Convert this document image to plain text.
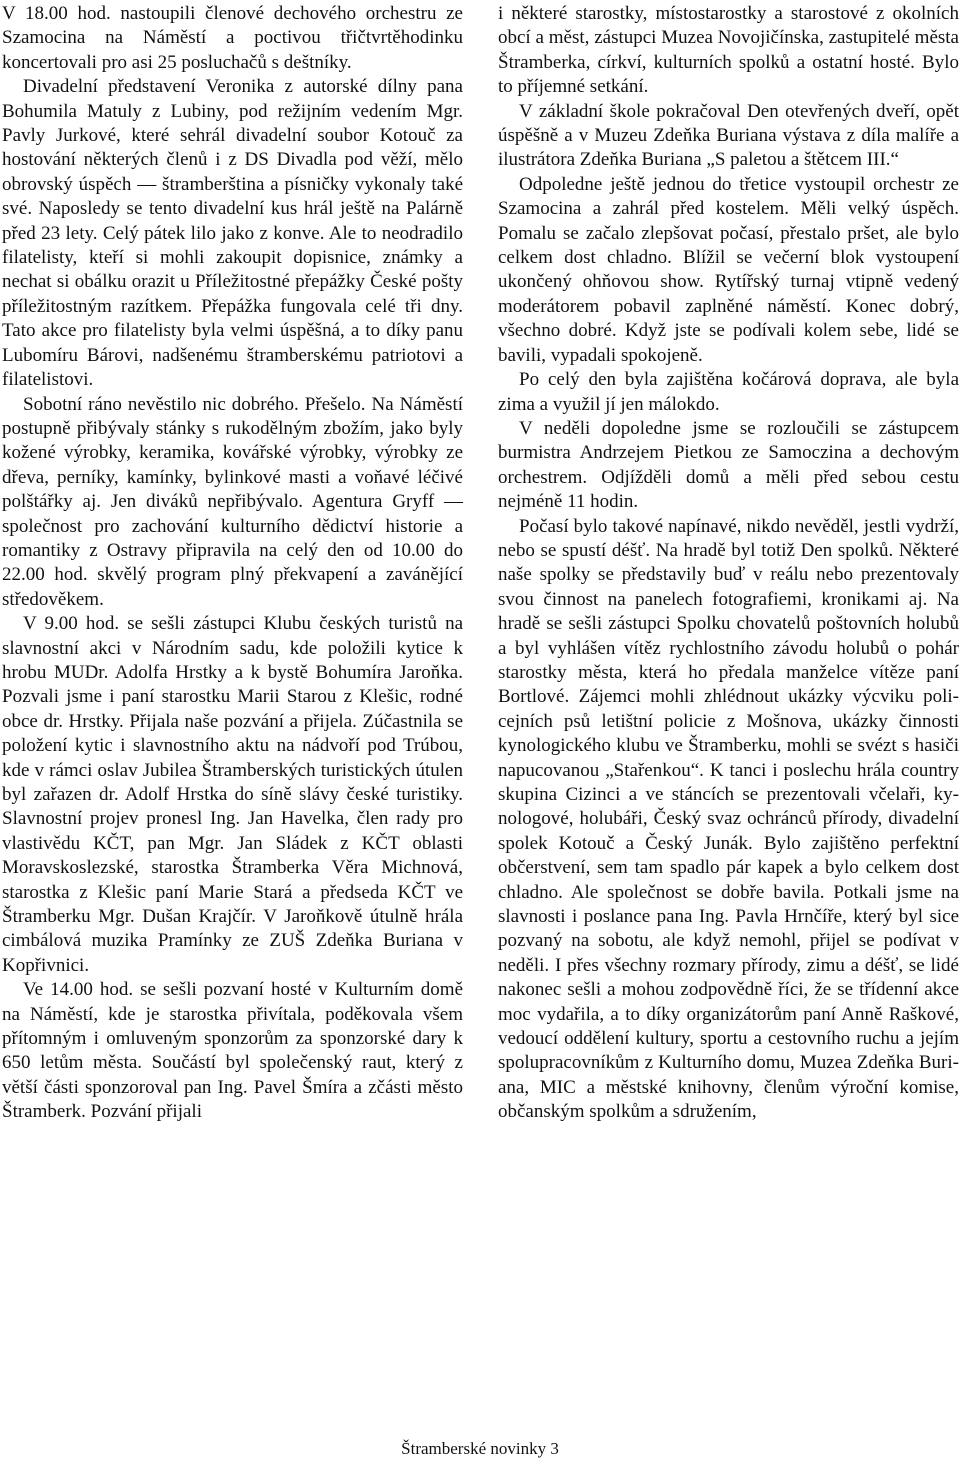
V 18.00 hod. nastoupili členové dechového orchestru ze Szamocina na Náměstí a poctivou třičtvrtěhodinku koncertovali pro asi 25 posluchačů s deštníky.

Divadelní představení Veronika z autorské dílny pana Bohumila Matuly z Lubiny, pod režijním vedením Mgr. Pavly Jurkové, které sehrál divadelní soubor Kotouč za hostování některých členů i z DS Divadla pod věží, mělo obrovský úspěch — štramberština a písničky vykonaly také své. Naposledy se tento divadelní kus hrál ještě na Palárně před 23 lety. Celý pátek lilo jako z konve. Ale to neodradilo filatelisty, kteří si mohli zakoupit dopisnice, známky a nechat si obálku orazit u Příležitostné přepážky České pošty příležitostným razítkem. Přepážka fungovala celé tři dny. Tato akce pro filatelisty byla velmi úspěšná, a to díky panu Lubomíru Bárovi, nadšenému štramberskému patriotovi a filatelistovi.

Sobotní ráno nevěstilo nic dobrého. Přešelo. Na Náměstí postupně přibývaly stánky s rukodělným zbožím, jako byly kožené výrobky, keramika, kovářské výrobky, výrobky ze dřeva, perníky, kamínky, bylinkové masti a voňavé léčivé polštářky aj. Jen diváků nepřibývalo. Agentura Gryff — společnost pro zachování kulturního dědictví historie a romantiky z Ostravy připravila na celý den od 10.00 do 22.00 hod. skvělý program plný překvapení a zavánějící středověkem.

V 9.00 hod. se sešli zástupci Klubu českých turistů na slavnostní akci v Národním sadu, kde položili kytice k hrobu MUDr. Adolfa Hrstky a k bystě Bohumíra Jaroňka. Pozvali jsme i paní starostku Marii Starou z Klešic, rodné obce dr. Hrstky. Přijala naše pozvání a přijela. Zúčastnila se položení kytic i slavnostního aktu na nádvoří pod Trúbou, kde v rámci oslav Jubilea Štramberských turistických útulen byl zařazen dr. Adolf Hrstka do síně slávy české turistiky. Slavnostní projev pronesl Ing. Jan Havelka, člen rady pro vlastivědu KČT, pan Mgr. Jan Sládek z KČT oblasti Moravskoslezské, starostka Štramberka Věra Michnová, starostka z Klešic paní Marie Stará a předseda KČT ve Štramberku Mgr. Dušan Krajčír. V Jaroňkově útulně hrála cimbálová muzika Pramínky ze ZUŠ Zdeňka Buriana v Kopřivnici.

Ve 14.00 hod. se sešli pozvaní hosté v Kulturním domě na Náměstí, kde je starostka přivítala, poděkovala všem přítomným i omluveným sponzorům za sponzorské dary k 650 letům města. Součástí byl společenský raut, který z větší části sponzoroval pan Ing. Pavel Šmíra a zčásti město Štramberk. Pozvání přijali

i některé starostky, místostarostky a starostové z okolních obcí a měst, zástupci Muzea Novojičínska, zastupitelé města Štramberka, církví, kulturních spolků a ostatní hosté. Bylo to příjemné setkání.

V základní škole pokračoval Den otevřených dveří, opět úspěšně a v Muzeu Zdeňka Buriana výstava z díla malíře a ilustrátora Zdeňka Buriana „S paletou a štětcem III.“

Odpoledne ještě jednou do třetice vystoupil orchestr ze Szamocina a zahrál před kostelem. Měli velký úspěch. Pomalu se začalo zlepšovat počasí, přestalo pršet, ale bylo celkem dost chladno. Blížil se večerní blok vystoupení ukončený ohňovou show. Rytířský turnaj vtipně vedený moderátorem pobavil zaplněné náměstí. Konec dobrý, všechno dobré. Když jste se podívali kolem sebe, lidé se bavili, vypadali spokojeně.

Po celý den byla zajištěna kočárová doprava, ale byla zima a využil jí jen málokdo.

V neděli dopoledne jsme se rozloučili se zástupcem burmistra Andrzejem Pietkou ze Samoczina a dechovým orchestrem. Odjížděli domů a měli před sebou cestu nejméně 11 hodin.

Počasí bylo takové napínavé, nikdo nevěděl, jestli vydrží, nebo se spustí déšť. Na hradě byl totiž Den spolků. Některé naše spolky se představily buď v reálu nebo prezentovaly svou činnost na panelech fotografiemi, kronikami aj. Na hradě se sešli zástupci Spolku chovatelů poštovních holubů a byl vyhlášen vítěz rychlostního závodu holubů o pohár starostky města, která ho předala manželce vítěze paní Bortlové. Zájemci mohli zhlédnout ukázky výcviku policejních psů letištní policie z Mošnova, ukázky činnosti kynologického klubu ve Štramberku, mohli se svézt s hasiči napucovanou „Stařenkou“. K tanci i poslechu hrála country skupina Cizinci a ve stáncích se prezentovali včelaři, kynologové, holubáři, Český svaz ochránců přírody, divadelní spolek Kotouč a Český Junák. Bylo zajištěno perfektní občerstvení, sem tam spadlo pár kapek a bylo celkem dost chladno. Ale společnost se dobře bavila. Potkali jsme na slavnosti i poslance pana Ing. Pavla Hrnčíře, který byl sice pozvaný na sobotu, ale když nemohl, přijel se podívat v neděli. I přes všechny rozmary přírody, zimu a déšť, se lidé nakonec sešli a mohou zodpovědně říci, že se třídenní akce moc vydařila, a to díky organizátorům paní Anně Raškové, vedoucí oddělení kultury, sportu a cestovního ruchu a jejím spolupracovníkům z Kulturního domu, Muzea Zdeňka Buriana, MIC a městské knihovny, členům výroční komise, občanským spolkům a sdružením,

Štramberské novinky 3
